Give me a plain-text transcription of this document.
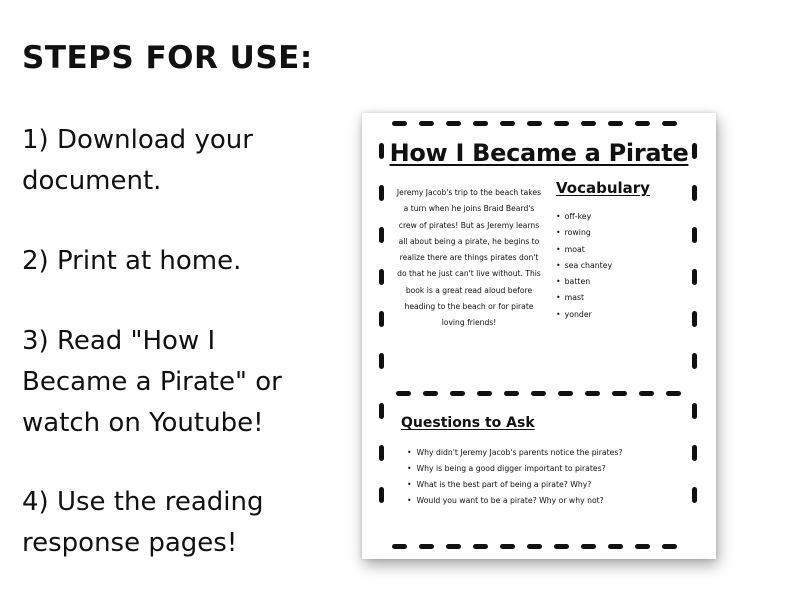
STEPS FOR USE:

1) Download your document.

2) Print at home.

3) Read "How I Became a Pirate" or watch on Youtube!

4) Use the reading response pages!

How I Became a Pirate

Jeremy Jacob's trip to the beach takes a turn when he joins Braid Beard's crew of pirates! But as Jeremy learns all about being a pirate, he begins to realize there are things pirates don't do that he just can't live without. This book is a great read aloud before heading to the beach or for pirate loving friends!

Vocabulary
• off-key
• rowing
• moat
• sea chantey
• batten
• mast
• yonder
Questions to Ask
• Why didn't Jeremy Jacob's parents notice the pirates?
• Why is being a good digger important to pirates?
• What is the best part of being a pirate? Why?
• Would you want to be a pirate? Why or why not?
